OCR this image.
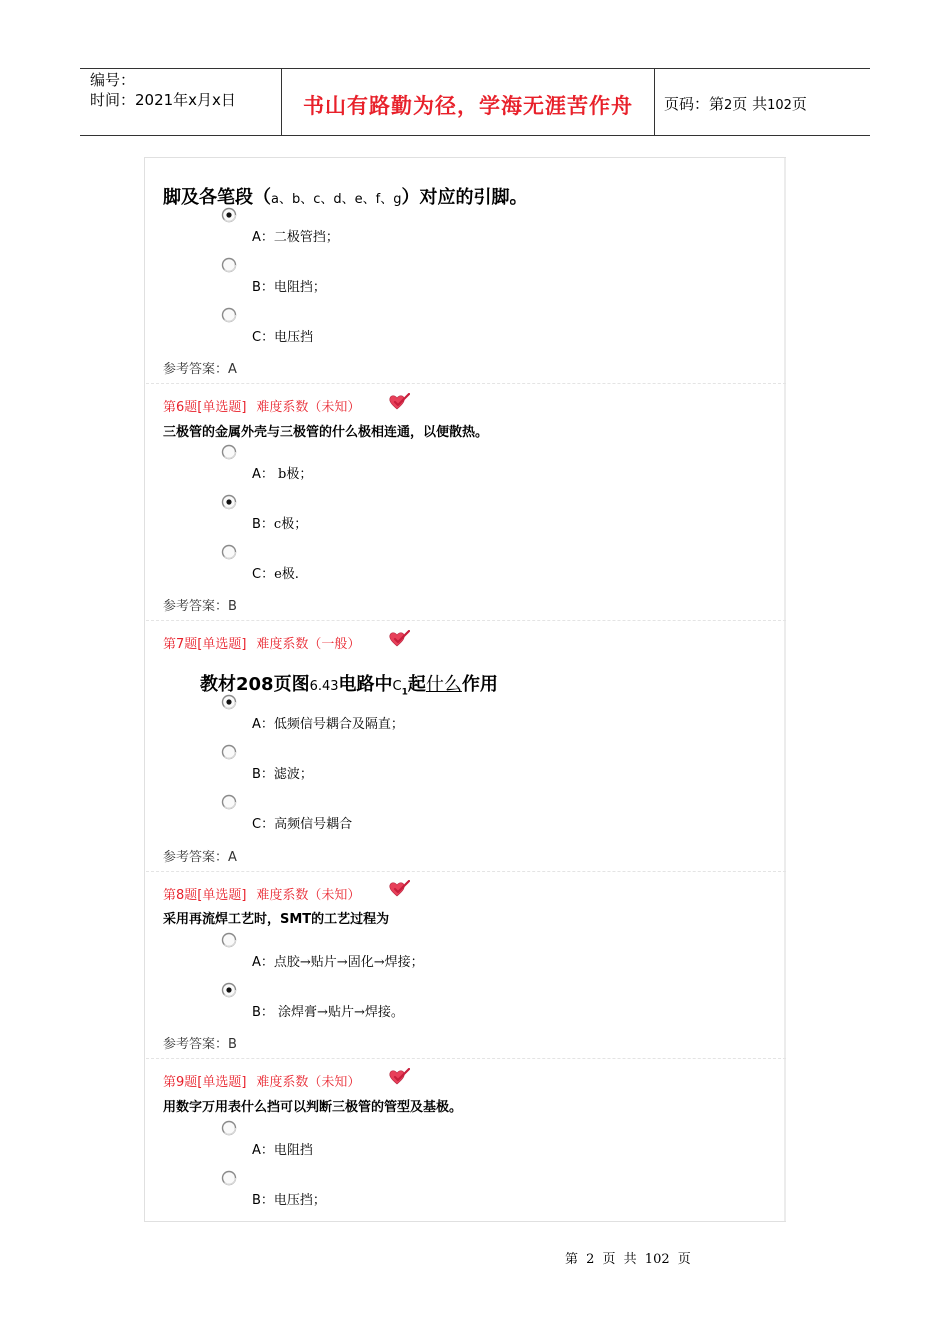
编号：
时间：2021年x月x日	书山有路勤为径，学海无涯苦作舟	页码：第2页 共102页
脚及各笔段（a、b、c、d、e、f、g）对应的引脚。
A：二极管挡；
B：电阻挡；
C：电压挡
参考答案：A
第6题[单选题] 难度系数（未知）
三极管的金属外壳与三极管的什么极相连通，以便散热。
A： b极；
B：c极；
C：e极.
参考答案：B
第7题[单选题] 难度系数（一般）
教材208页图6.43电路中$C_1$起什么作用
A：低频信号耦合及隔直；
B：滤波；
C：高频信号耦合
参考答案：A
第8题[单选题] 难度系数（未知）
采用再流焊工艺时，SMT的工艺过程为
A：点胶→贴片→固化→焊接；
B： 涂焊膏→贴片→焊接。
参考答案：B
第9题[单选题] 难度系数（未知）
用数字万用表什么挡可以判断三极管的管型及基极。
A：电阻挡
B：电压挡；
第 2 页 共 102 页
